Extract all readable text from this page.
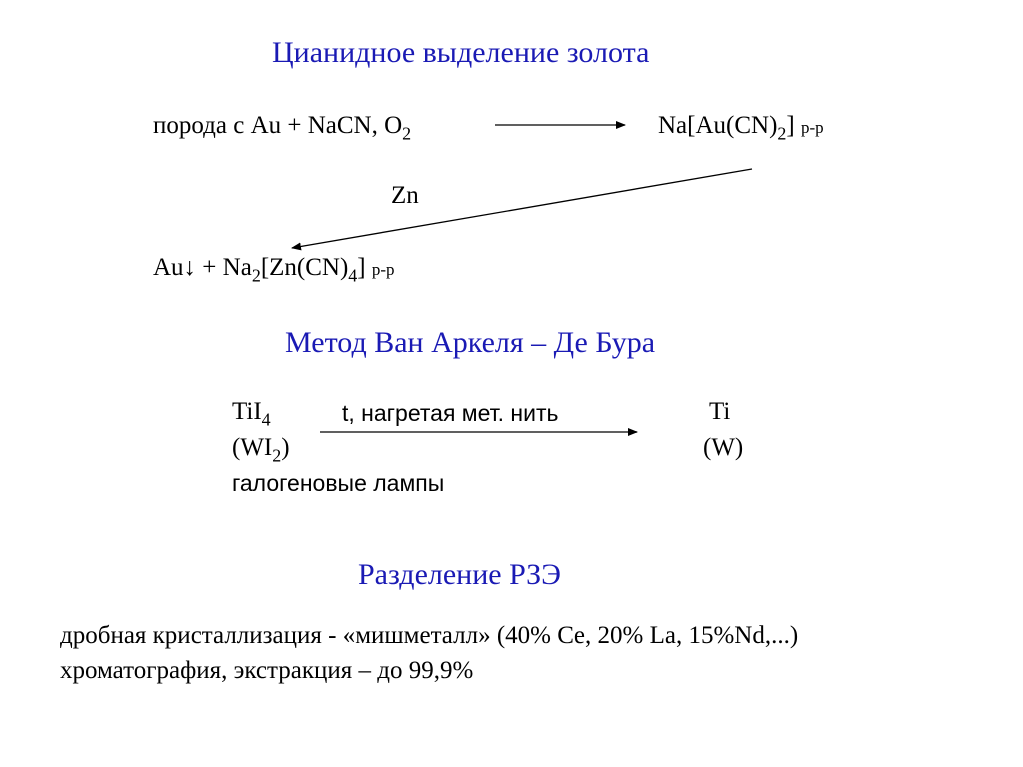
Цианидное выделение золота
порода с Au + NaCN, $O_2$	$Na[Au(CN)_2]$ р-р
Zn
Au↓ + $Na_2[Zn(CN)_4]$ р-р
Метод Ван Аркеля – Де Бура
TiI$_4$	t, нагретая мет. нить	Ti
$(WI_2)$	(W)
галогеновые лампы
Разделение РЗЭ
дробная кристаллизация - «мишметалл» (40% Ce, 20% La, 15%Nd,...)
хроматография, экстракция – до 99,9%
